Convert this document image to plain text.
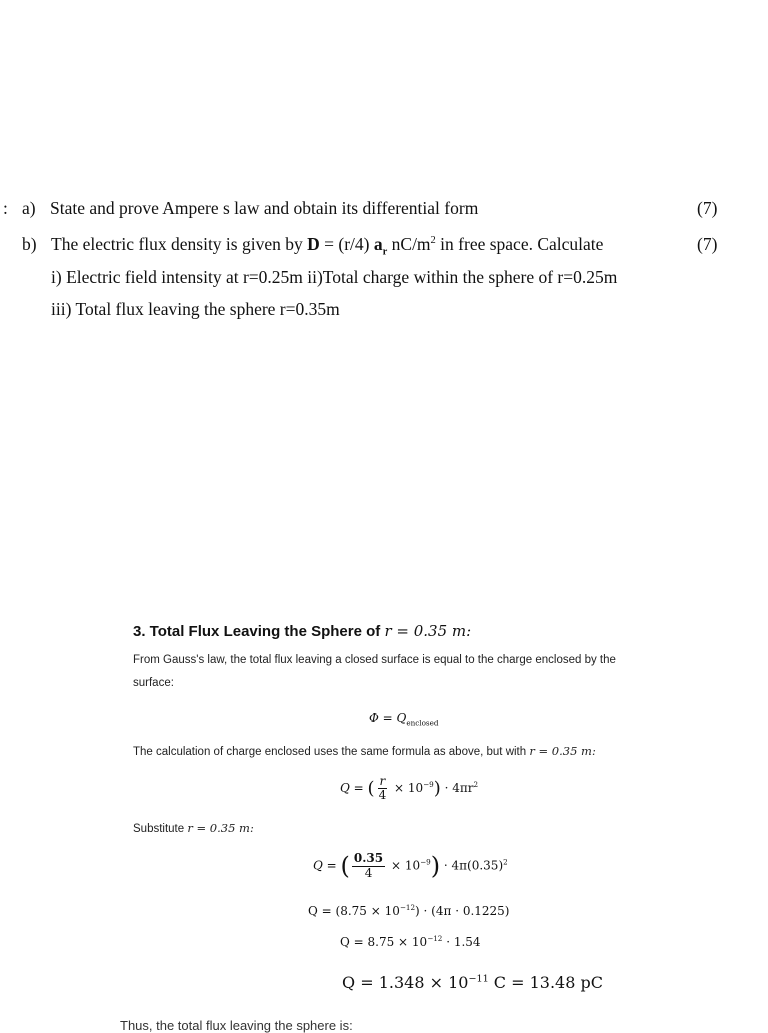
: a) State and prove Ampere s law and obtain its differential form	(7)
b) The electric flux density is given by D = (r/4) $a_r$ $nC/m^2$ in free space. Calculate	(7)
i) Electric field intensity at r=0.25m ii)Total charge within the sphere of r=0.25m
iii) Total flux leaving the sphere r=0.35m
3. Total Flux Leaving the Sphere of r = 0.35 m:
From Gauss's law, the total flux leaving a closed surface is equal to the charge enclosed by the
surface:
$\Phi = Q_{enclosed}$
The calculation of charge enclosed uses the same formula as above, but with r = 0.35 m:
Q = ( $\frac{r}{4} \times 10^{-9}) \cdot 4\pi r^2$
Substitute r = 0.35 m:
Q = ( $\frac{0.35}{4} \times 10^{-9}) \cdot 4\pi(0.35)^2$
$Q = (8.75 \times 10^{-12}) \cdot (4\pi \cdot 0.1225)$
$Q = 8.75 \times 10^{-12} \cdot 1.54$
$Q = 1.348 \times 10^{-11}$ C = 13.48 pC
Thus, the total flux leaving the sphere is:
